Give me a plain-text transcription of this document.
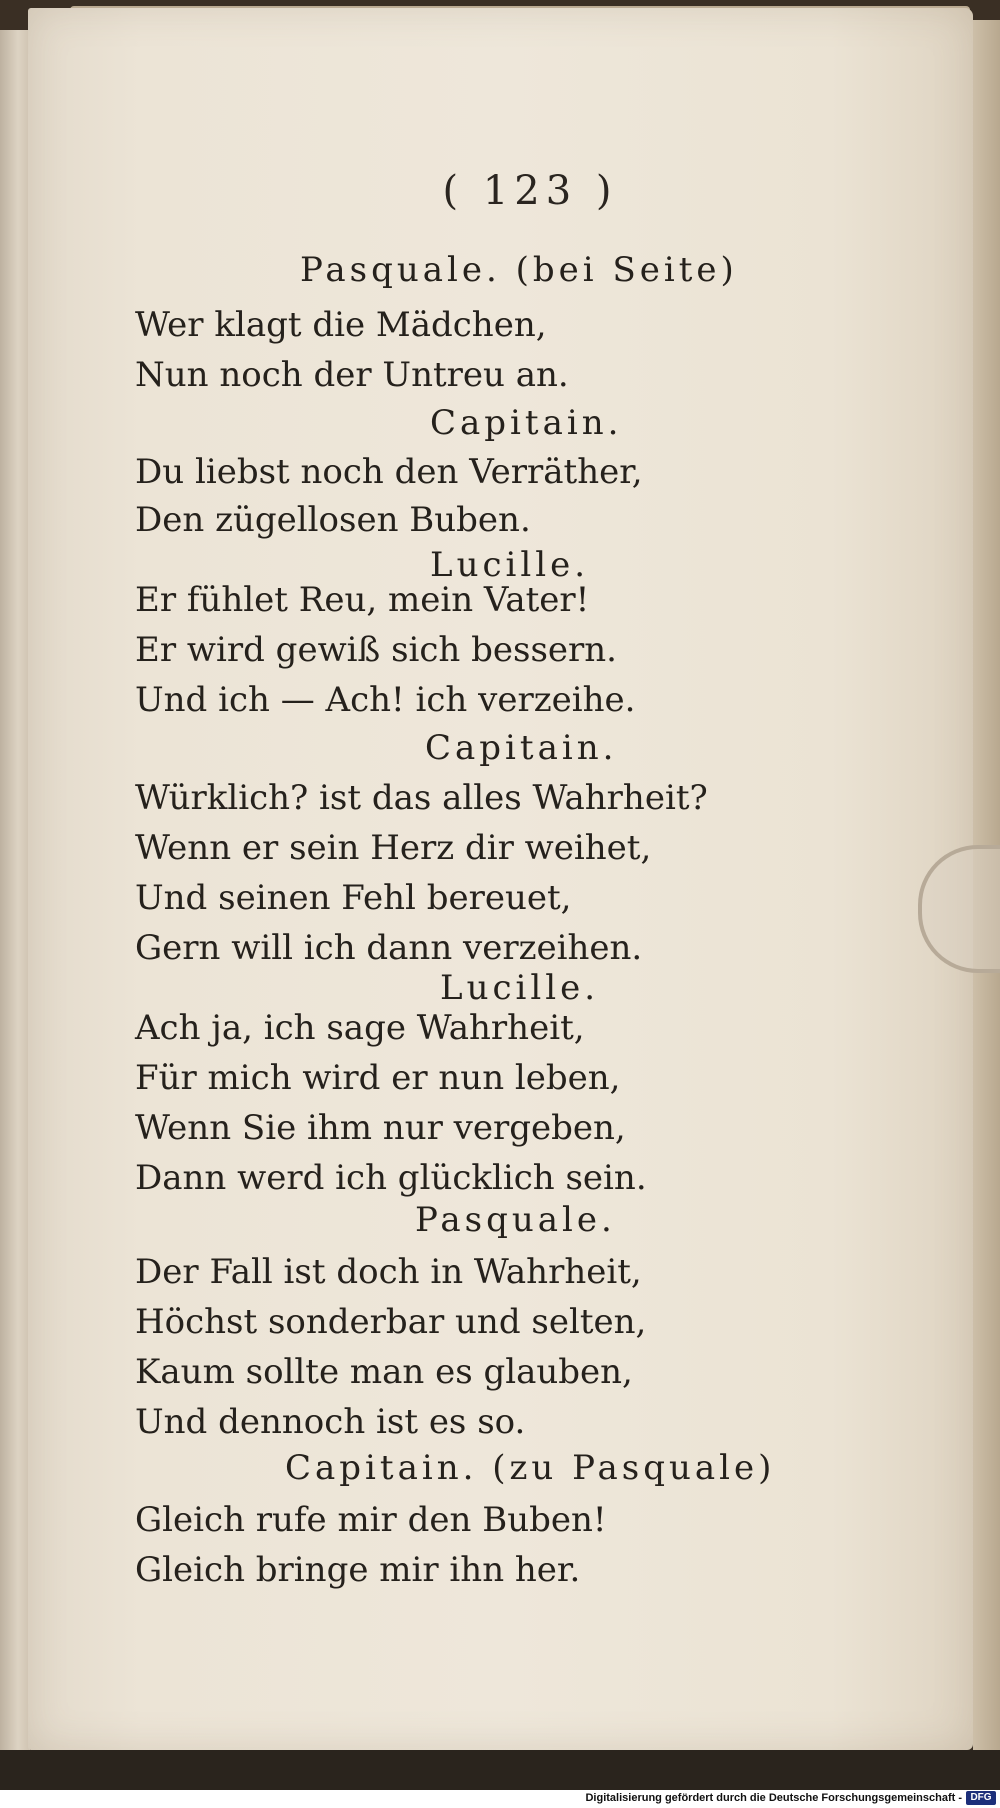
( 123 )
Pasquale. (bei Seite)
Wer klagt die Mädchen,
Nun noch der Untreu an.
Capitain.
Du liebst noch den Verräther,
Den zügellosen Buben.
Lucille.
Er fühlet Reu, mein Vater!
Er wird gewiß sich bessern.
Und ich — Ach! ich verzeihe.
Capitain.
Würklich? ist das alles Wahrheit?
Wenn er sein Herz dir weihet,
Und seinen Fehl bereuet,
Gern will ich dann verzeihen.
Lucille.
Ach ja, ich sage Wahrheit,
Für mich wird er nun leben,
Wenn Sie ihm nur vergeben,
Dann werd ich glücklich sein.
Pasquale.
Der Fall ist doch in Wahrheit,
Höchst sonderbar und selten,
Kaum sollte man es glauben,
Und dennoch ist es so.
Capitain. (zu Pasquale)
Gleich rufe mir den Buben!
Gleich bringe mir ihn her.
Digitalisierung gefördert durch die Deutsche Forschungsgemeinschaft - DFG
